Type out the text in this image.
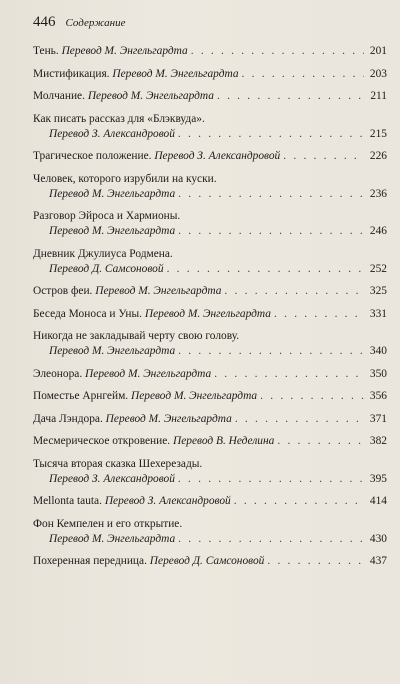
446 Содержание
Тень. Перевод М. Энгельгардта . . .	201
Мистификация. Перевод М. Энгельгардта . . .	203
Молчание. Перевод М. Энгельгардта . . .	211
Как писать рассказ для «Блэквуда».
Перевод З. Александровой . . .	215
Трагическое положение. Перевод З. Александровой . . .	226
Человек, которого изрубили на куски.
Перевод М. Энгельгардта . . .	236
Разговор Эйроса и Хармионы.
Перевод М. Энгельгардта . . .	246
Дневник Джулиуса Родмена.
Перевод Д. Самсоновой . . .	252
Остров феи. Перевод М. Энгельгардта . . .	325
Беседа Моноса и Уны. Перевод М. Энгельгардта . . .	331
Никогда не закладывай черту свою голову.
Перевод М. Энгельгардта . . .	340
Элеонора. Перевод М. Энгельгардта . . .	350
Поместье Арнгейм. Перевод М. Энгельгардта . . .	356
Дача Лэндора. Перевод М. Энгельгардта . . .	371
Месмерическое откровение. Перевод В. Неделина . . .	382
Тысяча вторая сказка Шехерезады.
Перевод З. Александровой . . .	395
Mellonta tauta. Перевод З. Александровой . . .	414
Фон Кемпелен и его открытие.
Перевод М. Энгельгардта . . .	430
Похеренная передница. Перевод Д. Самсоновой . . .	437
